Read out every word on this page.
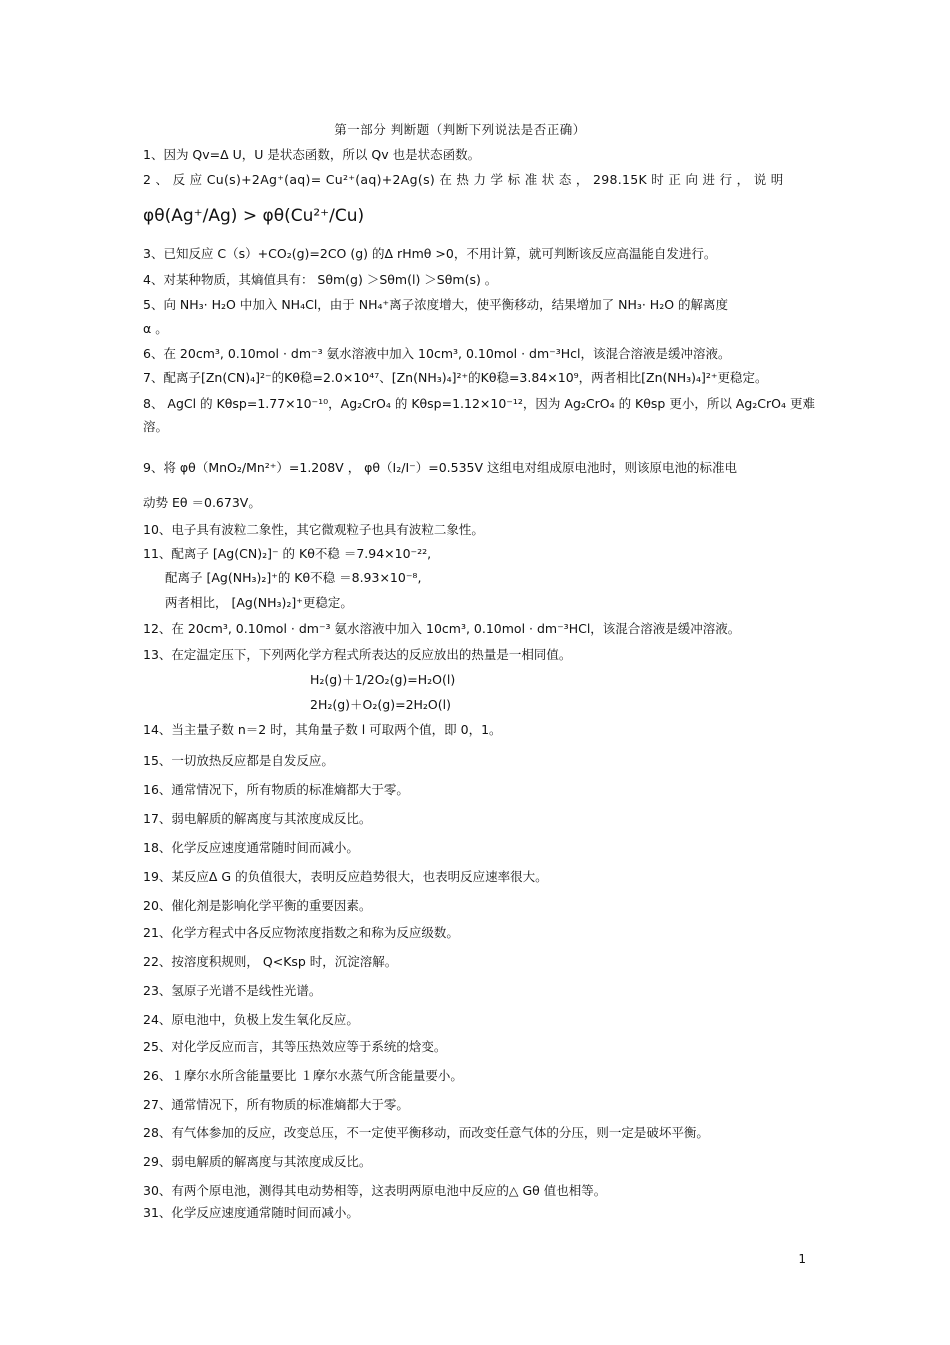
第一部分 判断题（判断下列说法是否正确）
1、因为 Qv=Δ U，U 是状态函数，所以 Qv 也是状态函数。
2 、 反 应 Cu(s)+2Ag⁺(aq)= Cu²⁺(aq)+2Ag(s) 在 热 力 学 标 准 状 态 ， 298.15K 时 正 向 进 行 ， 说 明
φθ(Ag⁺/Ag) > φθ(Cu²⁺/Cu)
3、已知反应 C（s）+CO₂(g)=2CO (g) 的Δ rHmθ >0，不用计算，就可判断该反应高温能自发进行。
4、对某种物质，其熵值具有： Sθm(g) ＞Sθm(l) ＞Sθm(s) 。
5、向 NH₃· H₂O 中加入 NH₄Cl，由于 NH₄⁺离子浓度增大，使平衡移动，结果增加了 NH₃· H₂O 的解离度
α 。
6、在 20cm³, 0.10mol · dm⁻³ 氨水溶液中加入 10cm³, 0.10mol · dm⁻³Hcl，该混合溶液是缓冲溶液。
7、配离子[Zn(CN)₄]²⁻的Kθ稳=2.0×10⁴⁷、[Zn(NH₃)₄]²⁺的Kθ稳=3.84×10⁹，两者相比[Zn(NH₃)₄]²⁺更稳定。
8、 AgCl 的 Kθsp=1.77×10⁻¹⁰，Ag₂CrO₄ 的 Kθsp=1.12×10⁻¹²，因为 Ag₂CrO₄ 的 Kθsp 更小，所以 Ag₂CrO₄ 更难
溶。
9、将 φθ（MnO₂/Mn²⁺）=1.208V ， φθ（I₂/I⁻）=0.535V 这组电对组成原电池时，则该原电池的标准电
动势 Eθ ＝0.673V。
10、电子具有波粒二象性，其它微观粒子也具有波粒二象性。
11、配离子 [Ag(CN)₂]⁻ 的 Kθ不稳 ＝7.94×10⁻²²,
配离子 [Ag(NH₃)₂]⁺的 Kθ不稳 ＝8.93×10⁻⁸,
两者相比， [Ag(NH₃)₂]⁺更稳定。
12、在 20cm³, 0.10mol · dm⁻³ 氨水溶液中加入 10cm³, 0.10mol · dm⁻³HCl，该混合溶液是缓冲溶液。
13、在定温定压下，下列两化学方程式所表达的反应放出的热量是一相同值。
H₂(g)＋1/2O₂(g)=H₂O(l)
2H₂(g)＋O₂(g)=2H₂O(l)
14、当主量子数 n＝2 时，其角量子数 l 可取两个值，即 0，1。
15、一切放热反应都是自发反应。
16、通常情况下，所有物质的标准熵都大于零。
17、弱电解质的解离度与其浓度成反比。
18、化学反应速度通常随时间而减小。
19、某反应Δ G 的负值很大，表明反应趋势很大，也表明反应速率很大。
20、催化剂是影响化学平衡的重要因素。
21、化学方程式中各反应物浓度指数之和称为反应级数。
22、按溶度积规则， Q<Ksp 时，沉淀溶解。
23、氢原子光谱不是线性光谱。
24、原电池中，负极上发生氧化反应。
25、对化学反应而言，其等压热效应等于系统的焓变。
26、１摩尔水所含能量要比 １摩尔水蒸气所含能量要小。
27、通常情况下，所有物质的标准熵都大于零。
28、有气体参加的反应，改变总压，不一定使平衡移动，而改变任意气体的分压，则一定是破坏平衡。
29、弱电解质的解离度与其浓度成反比。
30、有两个原电池，测得其电动势相等，这表明两原电池中反应的△ Gθ 值也相等。
31、化学反应速度通常随时间而减小。
1
